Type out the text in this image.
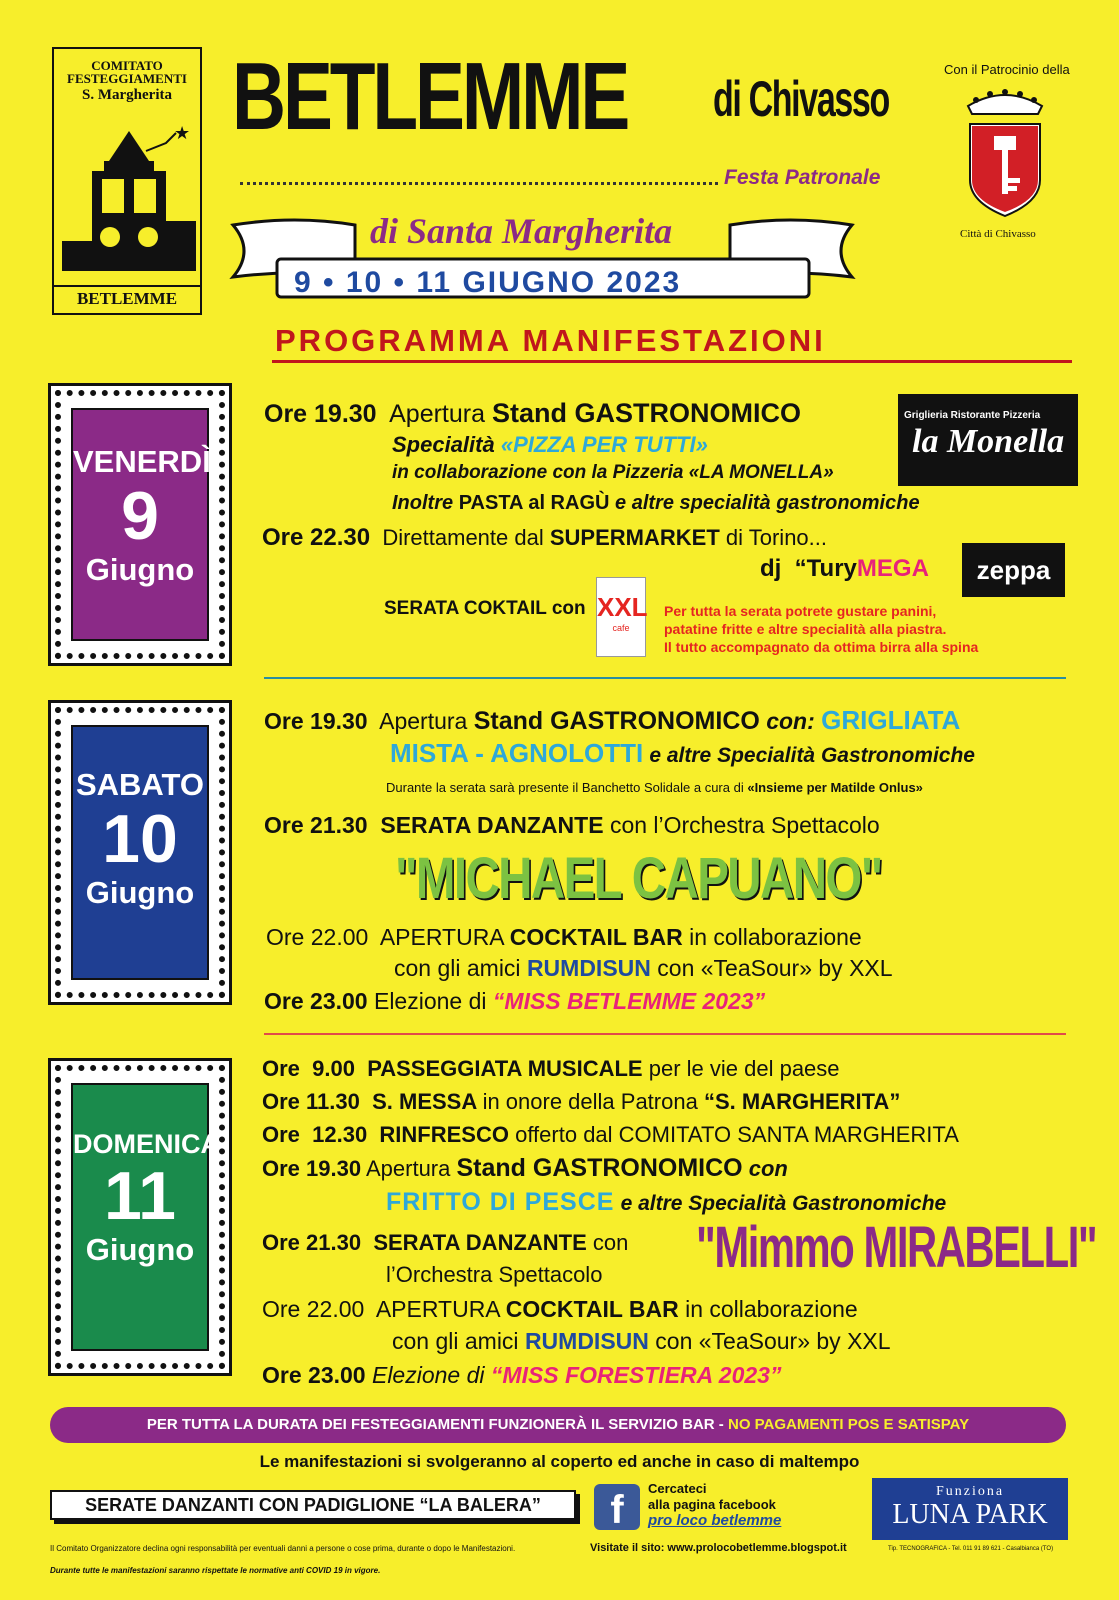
COMITATO
FESTEGGIAMENTI
S. Margherita
★
BETLEMME
BETLEMME di Chivasso
Festa Patronale
di Santa Margherita
9 • 10 • 11 GIUGNO 2023
Con il Patrocinio della
Città di Chivasso
PROGRAMMA MANIFESTAZIONI
VENERDÌ
9
Giugno
SABATO
10
Giugno
DOMENICA
11
Giugno
Ore 19.30 Apertura Stand GASTRONOMICO
Specialità «PIZZA PER TUTTI»
in collaborazione con la Pizzeria «LA MONELLA»
Inoltre PASTA al RAGÙ e altre specialità gastronomiche
Griglieria Ristorante Pizzeria
la Monella
Ore 22.30 Direttamente dal SUPERMARKET di Torino...
dj “TuryMEGA	zeppa
SERATA COKTAIL con XXL
cafe
Per tutta la serata potrete gustare panini,
patatine fritte e altre specialità alla piastra.
Il tutto accompagnato da ottima birra alla spina
Ore 19.30 Apertura Stand GASTRONOMICO con: GRIGLIATA
MISTA - AGNOLOTTI e altre Specialità Gastronomiche
Durante la serata sarà presente il Banchetto Solidale a cura di «Insieme per Matilde Onlus»
Ore 21.30 SERATA DANZANTE con l’Orchestra Spettacolo
"MICHAEL CAPUANO"
Ore 22.00 APERTURA COCKTAIL BAR in collaborazione
con gli amici RUMDISUN con «TeaSour» by XXL
Ore 23.00 Elezione di “MISS BETLEMME 2023”
Ore  9.00 PASSEGGIATA MUSICALE per le vie del paese
Ore 11.30 S. MESSA in onore della Patrona “S. MARGHERITA”
Ore  12.30 RINFRESCO offerto dal COMITATO SANTA MARGHERITA
Ore 19.30 Apertura Stand GASTRONOMICO con
FRITTO DI PESCE e altre Specialità Gastronomiche
Ore 21.30 SERATA DANZANTE con
l’Orchestra Spettacolo "Mimmo MIRABELLI"
Ore 22.00 APERTURA COCKTAIL BAR in collaborazione
con gli amici RUMDISUN con «TeaSour» by XXL
Ore 23.00 Elezione di “MISS FORESTIERA 2023”
PER TUTTA LA DURATA DEI FESTEGGIAMENTI FUNZIONERÀ IL SERVIZIO BAR - NO PAGAMENTI POS E SATISPAY
Le manifestazioni si svolgeranno al coperto ed anche in caso di maltempo
SERATE DANZANTI CON PADIGLIONE “LA BALERA”	f	Cercateci
alla pagina facebook
pro loco betlemme
Visitate il sito: www.prolocobetlemme.blogspot.it
Funziona
LUNA PARK
Il Comitato Organizzatore declina ogni responsabilità per eventuali danni a persone o cose prima, durante o dopo le Manifestazioni.
Durante tutte le manifestazioni saranno rispettate le normative anti COVID 19 in vigore.
Tip. TECNOGRAFICA - Tel. 011 91 89 621 - Casalbianca (TO)
